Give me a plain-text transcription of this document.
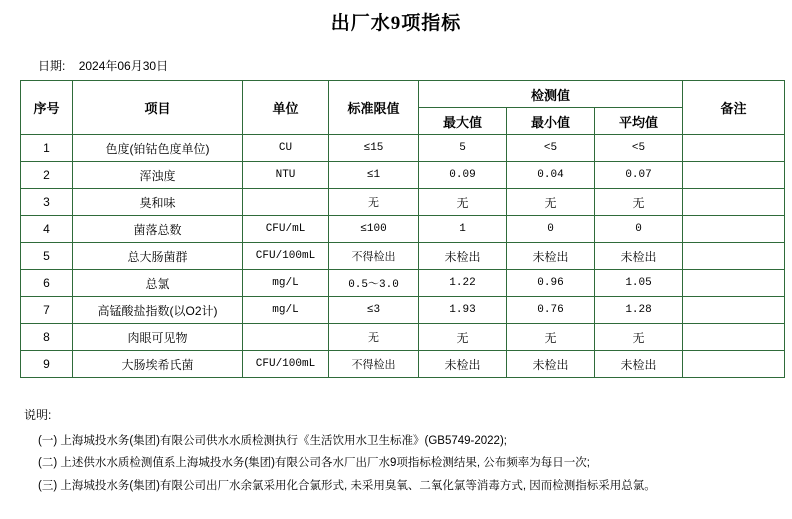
出厂水9项指标
日期: 2024年06月30日
序号	项目	单位	标准限值	检测值			备注
				最大值	最小值	平均值	
1	色度(铂钴色度单位)	CU	≤15	5	<5	<5	
2	浑浊度	NTU	≤1	0.09	0.04	0.07	
3	臭和味		无	无	无	无	
4	菌落总数	CFU/mL	≤100	1	0	0	
5	总大肠菌群	CFU/100mL	不得检出	未检出	未检出	未检出	
6	总氯	mg/L	0.5～3.0	1.22	0.96	1.05	
7	高锰酸盐指数(以O2计)	mg/L	≤3	1.93	0.76	1.28	
8	肉眼可见物		无	无	无	无	
9	大肠埃希氏菌	CFU/100mL	不得检出	未检出	未检出	未检出	
说明:

(一) 上海城投水务(集团)有限公司供水水质检测执行《生活饮用水卫生标准》(GB5749-2022);

(二) 上述供水水质检测值系上海城投水务(集团)有限公司各水厂出厂水9项指标检测结果, 公布频率为每日一次;

(三) 上海城投水务(集团)有限公司出厂水余氯采用化合氯形式, 未采用臭氧、二氧化氯等消毒方式, 因而检测指标采用总氯。
